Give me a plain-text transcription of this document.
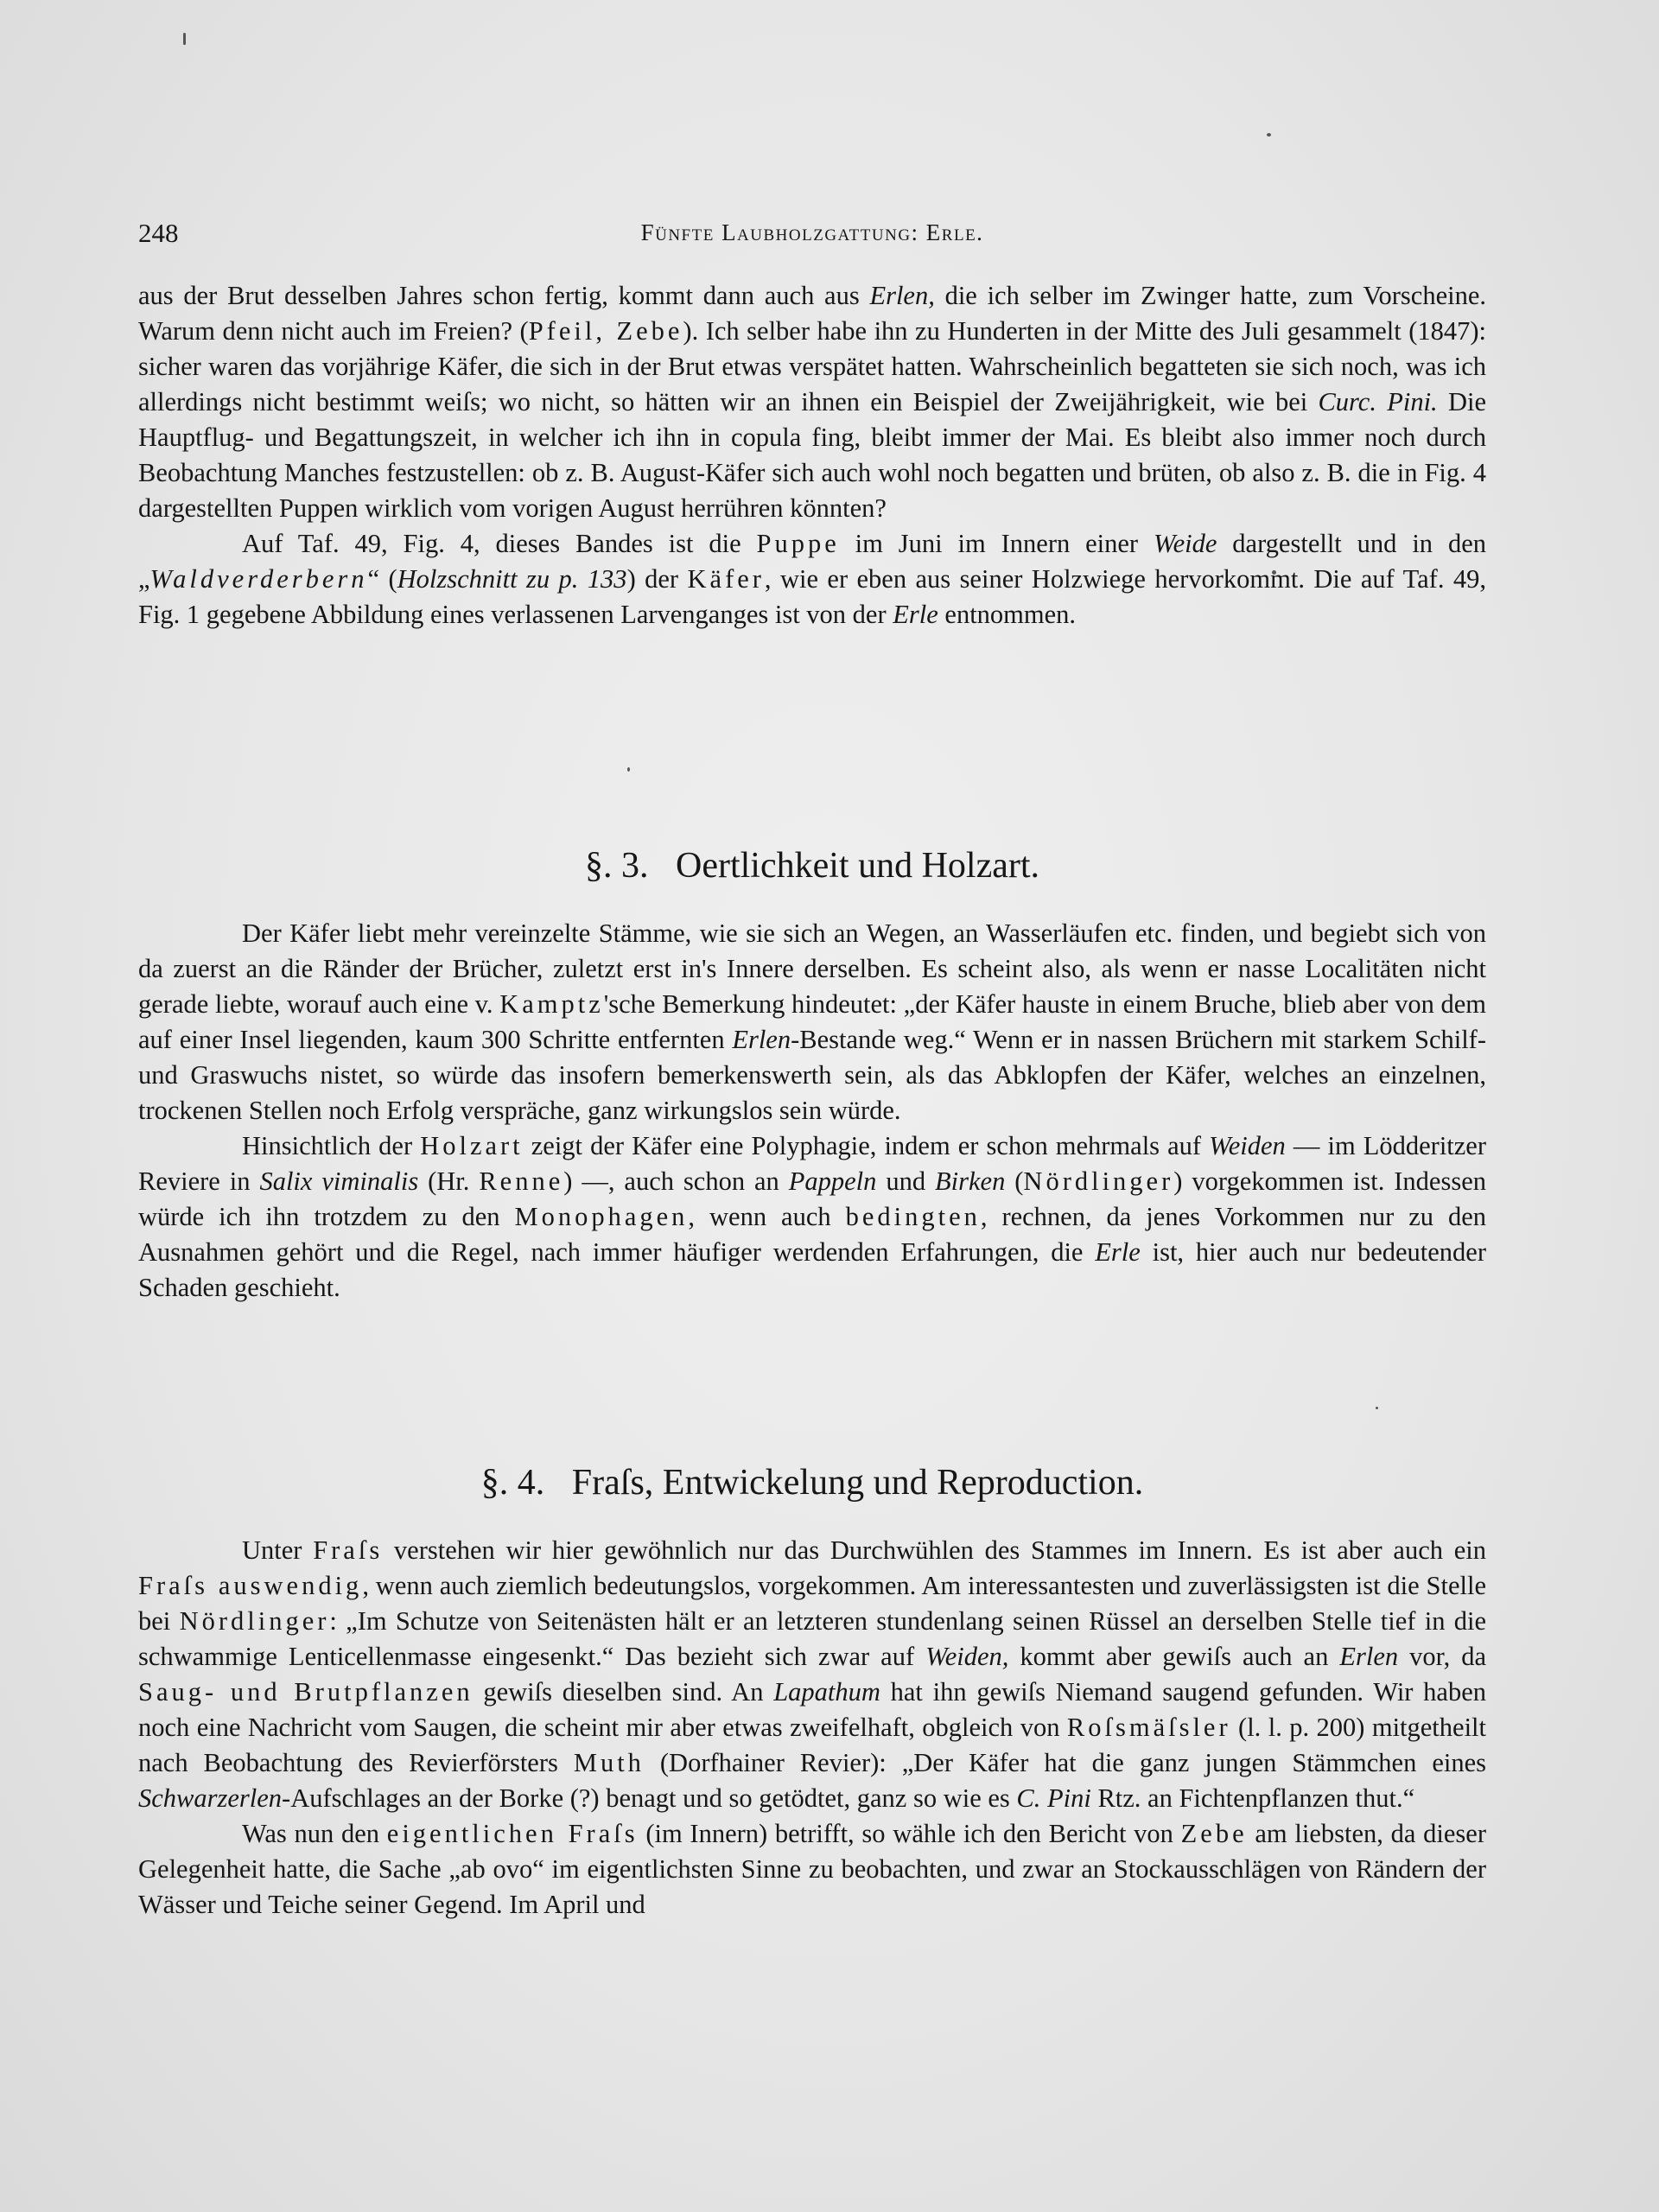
248	Fünfte Laubholzgattung: Erle.

aus der Brut desselben Jahres schon fertig, kommt dann auch aus Erlen, die ich selber im Zwinger hatte, zum Vorscheine. Warum denn nicht auch im Freien? (Pfeil, Zebe). Ich selber habe ihn zu Hunderten in der Mitte des Juli gesammelt (1847): sicher waren das vorjährige Käfer, die sich in der Brut etwas verspätet hatten. Wahrscheinlich begatteten sie sich noch, was ich allerdings nicht bestimmt weiſs; wo nicht, so hätten wir an ihnen ein Beispiel der Zweijährigkeit, wie bei Curc. Pini. Die Hauptflug- und Begattungszeit, in welcher ich ihn in copula fing, bleibt immer der Mai. Es bleibt also immer noch durch Beobachtung Manches festzustellen: ob z. B. August-Käfer sich auch wohl noch begatten und brüten, ob also z. B. die in Fig. 4 dargestellten Puppen wirklich vom vorigen August herrühren könnten?

Auf Taf. 49, Fig. 4, dieses Bandes ist die Puppe im Juni im Innern einer Weide dargestellt und in den „Waldverderbern“ (Holzschnitt zu p. 133) der Käfer, wie er eben aus seiner Holzwiege hervorkommt. Die auf Taf. 49, Fig. 1 gegebene Abbildung eines verlassenen Larvenganges ist von der Erle entnommen.

§. 3.   Oertlichkeit und Holzart.

Der Käfer liebt mehr vereinzelte Stämme, wie sie sich an Wegen, an Wasserläufen etc. finden, und begiebt sich von da zuerst an die Ränder der Brücher, zuletzt erst in's Innere derselben. Es scheint also, als wenn er nasse Localitäten nicht gerade liebte, worauf auch eine v. Kamptz'sche Bemerkung hindeutet: „der Käfer hauste in einem Bruche, blieb aber von dem auf einer Insel liegenden, kaum 300 Schritte entfernten Erlen-Bestande weg.“ Wenn er in nassen Brüchern mit starkem Schilf- und Graswuchs nistet, so würde das insofern bemerkenswerth sein, als das Abklopfen der Käfer, welches an einzelnen, trockenen Stellen noch Erfolg verspräche, ganz wirkungslos sein würde.

Hinsichtlich der Holzart zeigt der Käfer eine Polyphagie, indem er schon mehrmals auf Weiden — im Lödderitzer Reviere in Salix viminalis (Hr. Renne) —, auch schon an Pappeln und Birken (Nördlinger) vorgekommen ist. Indessen würde ich ihn trotzdem zu den Monophagen, wenn auch bedingten, rechnen, da jenes Vorkommen nur zu den Ausnahmen gehört und die Regel, nach immer häufiger werdenden Erfahrungen, die Erle ist, hier auch nur bedeutender Schaden geschieht.

§. 4.   Fraſs, Entwickelung und Reproduction.

Unter Fraſs verstehen wir hier gewöhnlich nur das Durchwühlen des Stammes im Innern. Es ist aber auch ein Fraſs auswendig, wenn auch ziemlich bedeutungslos, vorgekommen. Am interessantesten und zuverlässigsten ist die Stelle bei Nördlinger: „Im Schutze von Seitenästen hält er an letzteren stundenlang seinen Rüssel an derselben Stelle tief in die schwammige Lenticellenmasse eingesenkt.“ Das bezieht sich zwar auf Weiden, kommt aber gewiſs auch an Erlen vor, da Saug- und Brutpflanzen gewiſs dieselben sind. An Lapathum hat ihn gewiſs Niemand saugend gefunden. Wir haben noch eine Nachricht vom Saugen, die scheint mir aber etwas zweifelhaft, obgleich von Roſsmäſsler (l. l. p. 200) mitgetheilt nach Beobachtung des Revierförsters Muth (Dorfhainer Revier): „Der Käfer hat die ganz jungen Stämmchen eines Schwarzerlen-Aufschlages an der Borke (?) benagt und so getödtet, ganz so wie es C. Pini Rtz. an Fichtenpflanzen thut.“

Was nun den eigentlichen Fraſs (im Innern) betrifft, so wähle ich den Bericht von Zebe am liebsten, da dieser Gelegenheit hatte, die Sache „ab ovo“ im eigentlichsten Sinne zu beobachten, und zwar an Stockausschlägen von Rändern der Wässer und Teiche seiner Gegend. Im April und
